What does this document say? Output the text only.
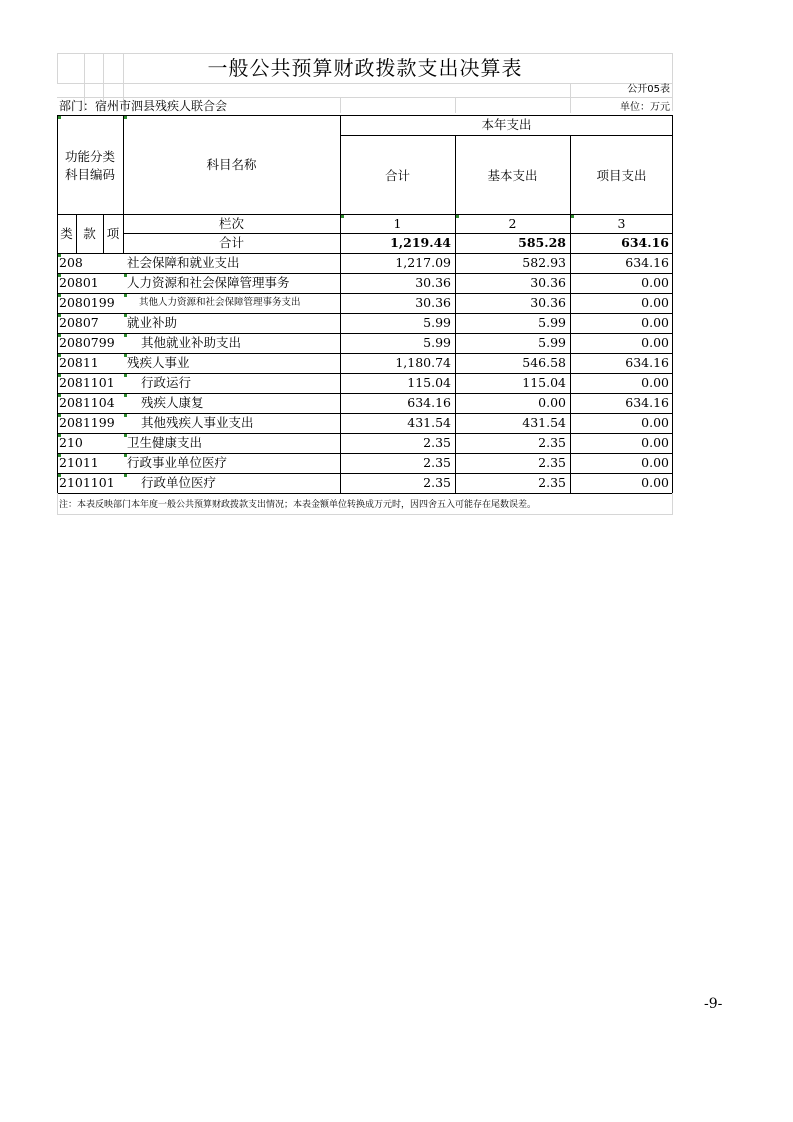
一般公共预算财政拨款支出决算表
公开05表
部门：宿州市泗县残疾人联合会	单位：万元
功能分类
科目编码
科目名称
本年支出
合计	基本支出	项目支出
类 款 项
栏次	1	2	3
合计	1,219.44	585.28	634.16
208	社会保障和就业支出	1,217.09	582.93	634.16
20801 人力资源和社会保障管理事务	30.36	30.36	0.00
2080199	其他人力资源和社会保障管理事务支出	30.36	30.36	0.00
20807 就业补助	5.99	5.99	0.00
2080799 其他就业补助支出	5.99	5.99	0.00
20811 残疾人事业	1,180.74	546.58	634.16
2081101 行政运行	115.04	115.04	0.00
2081104 残疾人康复	634.16	0.00	634.16
2081199 其他残疾人事业支出	431.54	431.54	0.00
210	卫生健康支出	2.35	2.35	0.00
21011 行政事业单位医疗	2.35	2.35	0.00
2101101 行政单位医疗	2.35	2.35	0.00
注：本表反映部门本年度一般公共预算财政拨款支出情况；本表金额单位转换成万元时，因四舍五入可能存在尾数误差。
-9-
